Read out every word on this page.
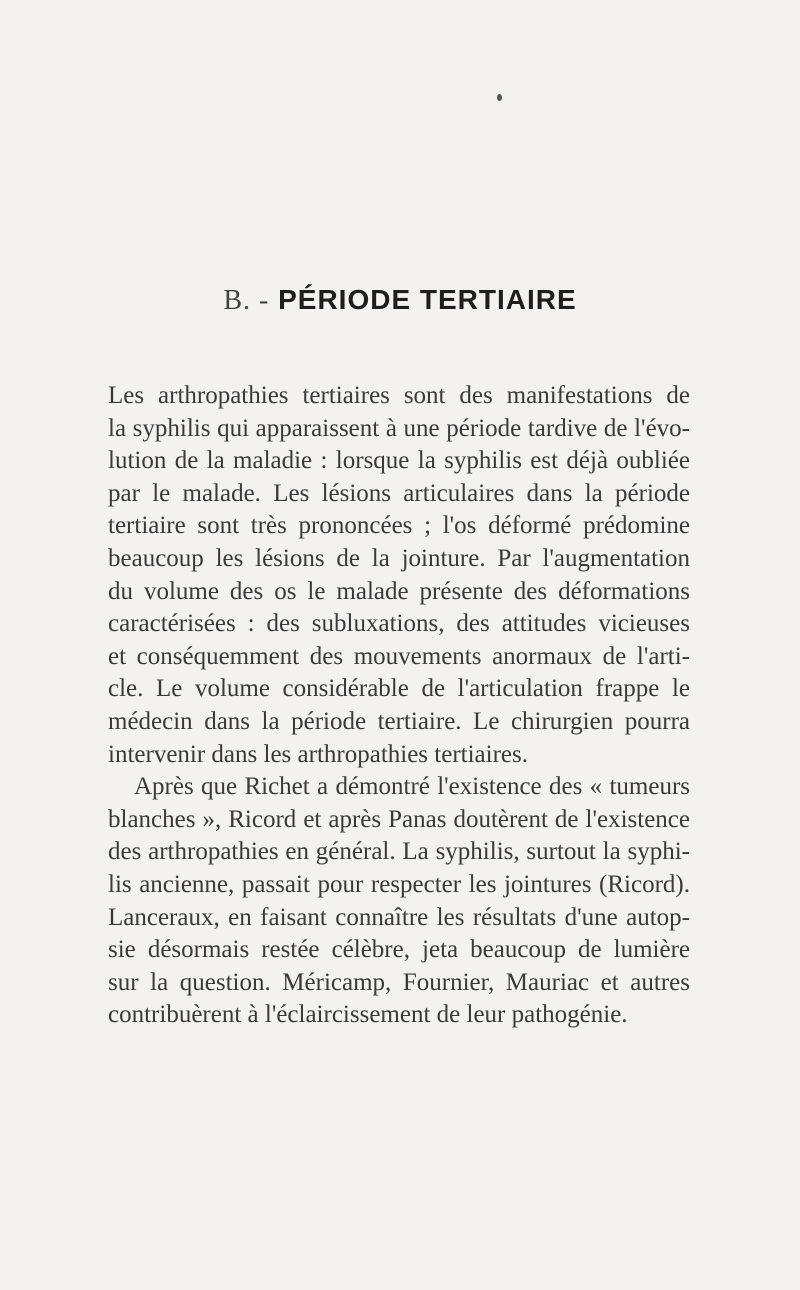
B. - PÉRIODE TERTIAIRE
Les arthropathies tertiaires sont des manifestations de
la syphilis qui apparaissent à une période tardive de l'évo-
lution de la maladie : lorsque la syphilis est déjà oubliée
par le malade. Les lésions articulaires dans la période
tertiaire sont très prononcées ; l'os déformé prédomine
beaucoup les lésions de la jointure. Par l'augmentation
du volume des os le malade présente des déformations
caractérisées : des subluxations, des attitudes vicieuses
et conséquemment des mouvements anormaux de l'arti-
cle. Le volume considérable de l'articulation frappe le
médecin dans la période tertiaire. Le chirurgien pourra
intervenir dans les arthropathies tertiaires.
Après que Richet a démontré l'existence des « tumeurs
blanches », Ricord et après Panas doutèrent de l'existence
des arthropathies en général. La syphilis, surtout la syphi-
lis ancienne, passait pour respecter les jointures (Ricord).
Lanceraux, en faisant connaître les résultats d'une autop-
sie désormais restée célèbre, jeta beaucoup de lumière
sur la question. Méricamp, Fournier, Mauriac et autres
contribuèrent à l'éclaircissement de leur pathogénie.
